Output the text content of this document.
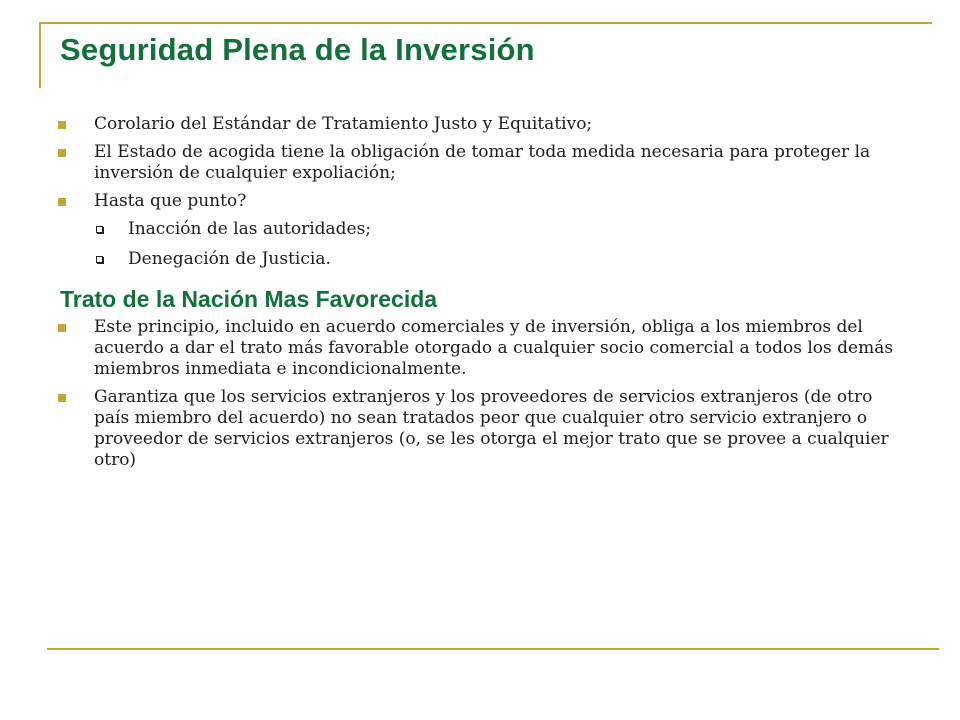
Seguridad Plena de la Inversión
Corolario del Estándar de Tratamiento Justo y Equitativo;
El Estado de acogida tiene la obligación de tomar toda medida necesaria para proteger la inversión de cualquier expoliación;
Hasta que punto?
Inacción de las autoridades;
Denegación de Justicia.
Trato de la Nación Mas Favorecida
Este principio, incluido en acuerdo comerciales y de inversión, obliga a los miembros del acuerdo a dar el trato más favorable otorgado a cualquier socio comercial a todos los demás miembros inmediata e incondicionalmente.
Garantiza que los servicios extranjeros y los proveedores de servicios extranjeros (de otro país miembro del acuerdo) no sean tratados peor que cualquier otro servicio extranjero o proveedor de servicios extranjeros (o, se les otorga el mejor trato que se provee a cualquier otro)
